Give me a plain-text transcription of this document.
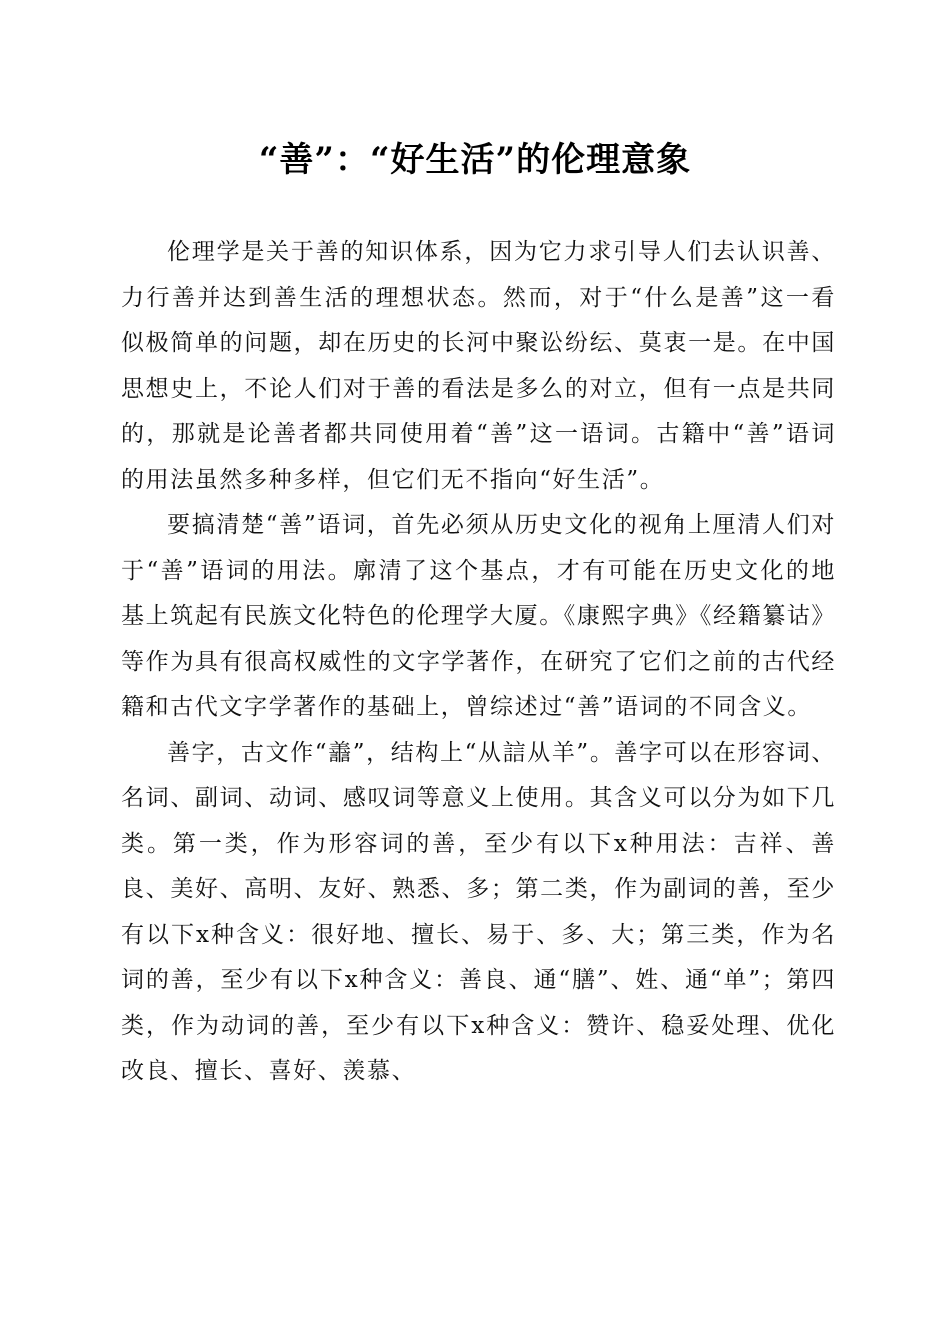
“善”：“好生活”的伦理意象

伦理学是关于善的知识体系，因为它力求引导人们去认识善、力行善并达到善生活的理想状态。然而，对于“什么是善”这一看似极简单的问题，却在历史的长河中聚讼纷纭、莫衷一是。在中国思想史上，不论人们对于善的看法是多么的对立，但有一点是共同的，那就是论善者都共同使用着“善”这一语词。古籍中“善”语词的用法虽然多种多样，但它们无不指向“好生活”。

要搞清楚“善”语词，首先必须从历史文化的视角上厘清人们对于“善”语词的用法。廓清了这个基点，才有可能在历史文化的地基上筑起有民族文化特色的伦理学大厦。《康熙字典》《经籍纂诂》等作为具有很高权威性的文字学著作，在研究了它们之前的古代经籍和古代文字学著作的基础上，曾综述过“善”语词的不同含义。

善字，古文作“譱”，结构上“从誩从羊”。善字可以在形容词、名词、副词、动词、感叹词等意义上使用。其含义可以分为如下几类。第一类，作为形容词的善，至少有以下x种用法：吉祥、善良、美好、高明、友好、熟悉、多；第二类，作为副词的善，至少有以下x种含义：很好地、擅长、易于、多、大；第三类，作为名词的善，至少有以下x种含义：善良、通“膳”、姓、通“单”；第四类，作为动词的善，至少有以下x种含义：赞许、稳妥处理、优化改良、擅长、喜好、羡慕、
